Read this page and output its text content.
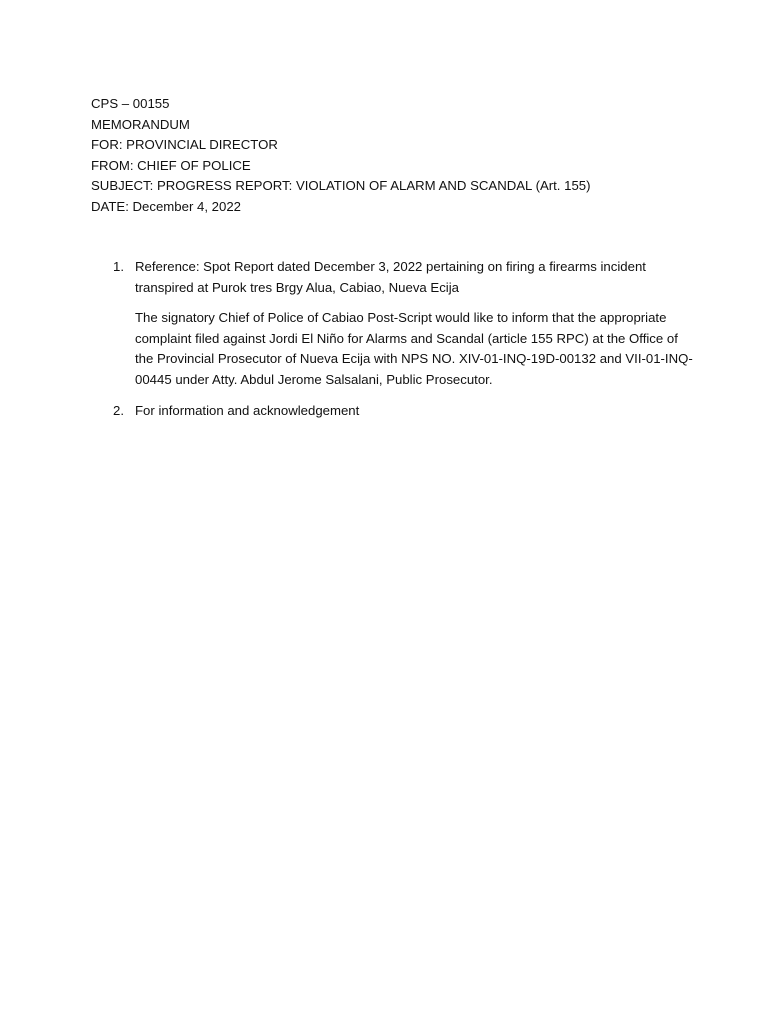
CPS – 00155
MEMORANDUM
FOR: PROVINCIAL DIRECTOR
FROM: CHIEF OF POLICE
SUBJECT: PROGRESS REPORT: VIOLATION OF ALARM AND SCANDAL (Art. 155)
DATE: December 4, 2022
1. Reference: Spot Report dated December 3, 2022 pertaining on firing a firearms incident transpired at Purok tres Brgy Alua, Cabiao, Nueva Ecija
The signatory Chief of Police of Cabiao Post-Script would like to inform that the appropriate complaint filed against Jordi El Niño for Alarms and Scandal (article 155 RPC) at the Office of the Provincial Prosecutor of Nueva Ecija with NPS NO. XIV-01-INQ-19D-00132 and VII-01-INQ-00445 under Atty. Abdul Jerome Salsalani, Public Prosecutor.
2. For information and acknowledgement
